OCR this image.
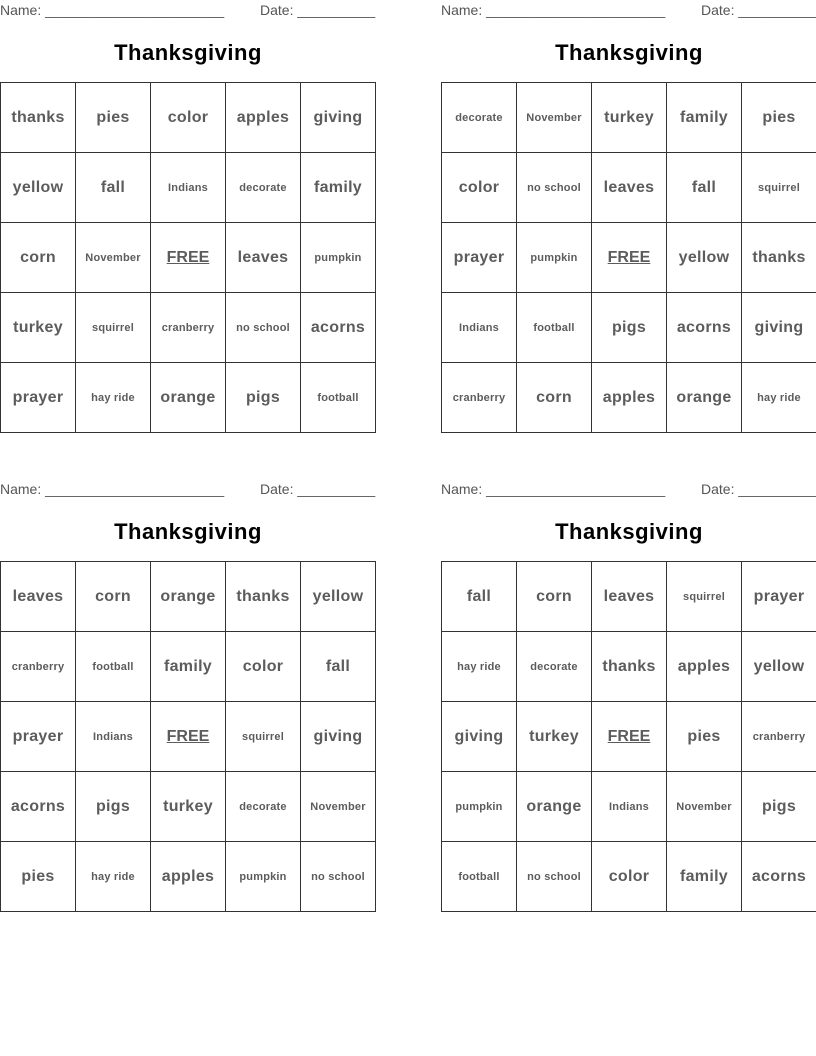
Name: _______________________	Date: __________
Thanksgiving
thanks	pies	color	apples	giving
yellow	fall	Indians	decorate	family
corn	November	FREE	leaves	pumpkin
turkey	squirrel	cranberry	no school	acorns
prayer	hay ride	orange	pigs	football
Name: _______________________	Date: __________
Thanksgiving
decorate	November	turkey	family	pies
color	no school	leaves	fall	squirrel
prayer	pumpkin	FREE	yellow	thanks
Indians	football	pigs	acorns	giving
cranberry	corn	apples	orange	hay ride
Name: _______________________	Date: __________
Thanksgiving
leaves	corn	orange	thanks	yellow
cranberry	football	family	color	fall
prayer	Indians	FREE	squirrel	giving
acorns	pigs	turkey	decorate	November
pies	hay ride	apples	pumpkin	no school
Name: _______________________	Date: __________
Thanksgiving
fall	corn	leaves	squirrel	prayer
hay ride	decorate	thanks	apples	yellow
giving	turkey	FREE	pies	cranberry
pumpkin	orange	Indians	November	pigs
football	no school	color	family	acorns
